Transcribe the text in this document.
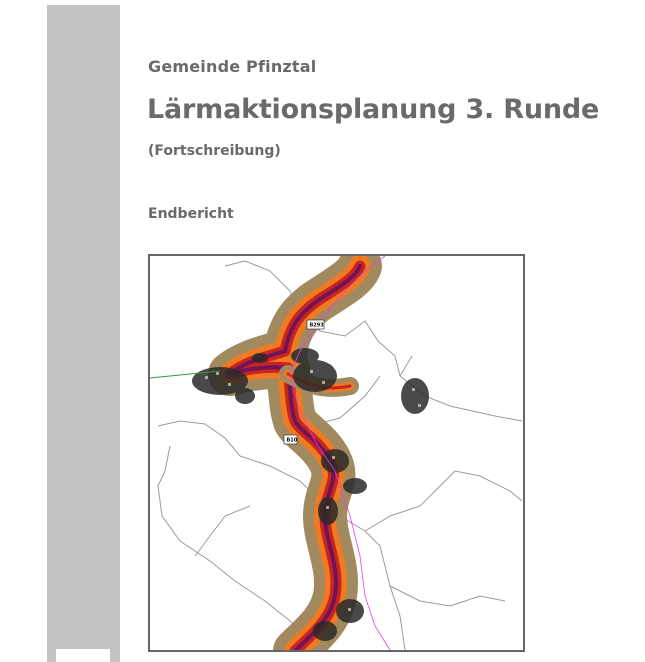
Gemeinde Pfinztal
Lärmaktionsplanung 3. Runde
(Fortschreibung)
Endbericht
B293
B10
